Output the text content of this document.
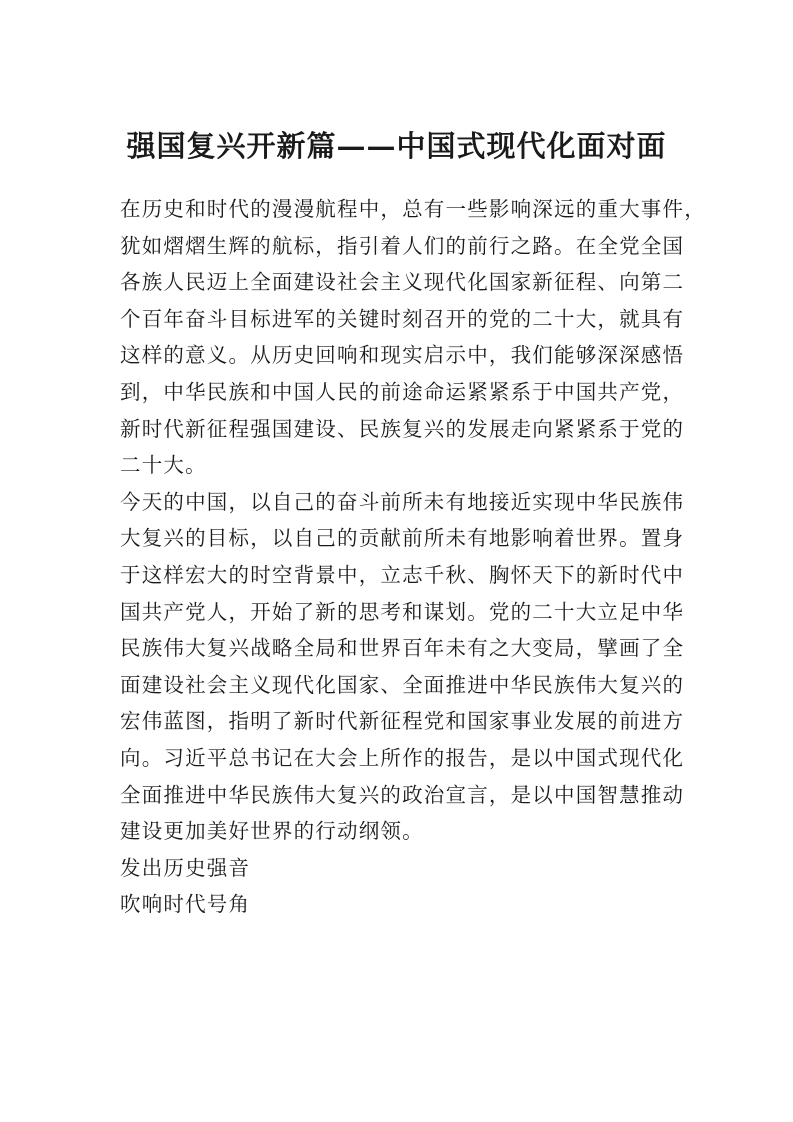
强国复兴开新篇——中国式现代化面对面
在历史和时代的漫漫航程中，总有一些影响深远的重大事件，
犹如熠熠生辉的航标，指引着人们的前行之路。在全党全国
各族人民迈上全面建设社会主义现代化国家新征程、向第二
个百年奋斗目标进军的关键时刻召开的党的二十大，就具有
这样的意义。从历史回响和现实启示中，我们能够深深感悟
到，中华民族和中国人民的前途命运紧紧系于中国共产党，
新时代新征程强国建设、民族复兴的发展走向紧紧系于党的
二十大。
今天的中国，以自己的奋斗前所未有地接近实现中华民族伟
大复兴的目标，以自己的贡献前所未有地影响着世界。置身
于这样宏大的时空背景中，立志千秋、胸怀天下的新时代中
国共产党人，开始了新的思考和谋划。党的二十大立足中华
民族伟大复兴战略全局和世界百年未有之大变局，擘画了全
面建设社会主义现代化国家、全面推进中华民族伟大复兴的
宏伟蓝图，指明了新时代新征程党和国家事业发展的前进方
向。习近平总书记在大会上所作的报告，是以中国式现代化
全面推进中华民族伟大复兴的政治宣言，是以中国智慧推动
建设更加美好世界的行动纲领。
发出历史强音
吹响时代号角
